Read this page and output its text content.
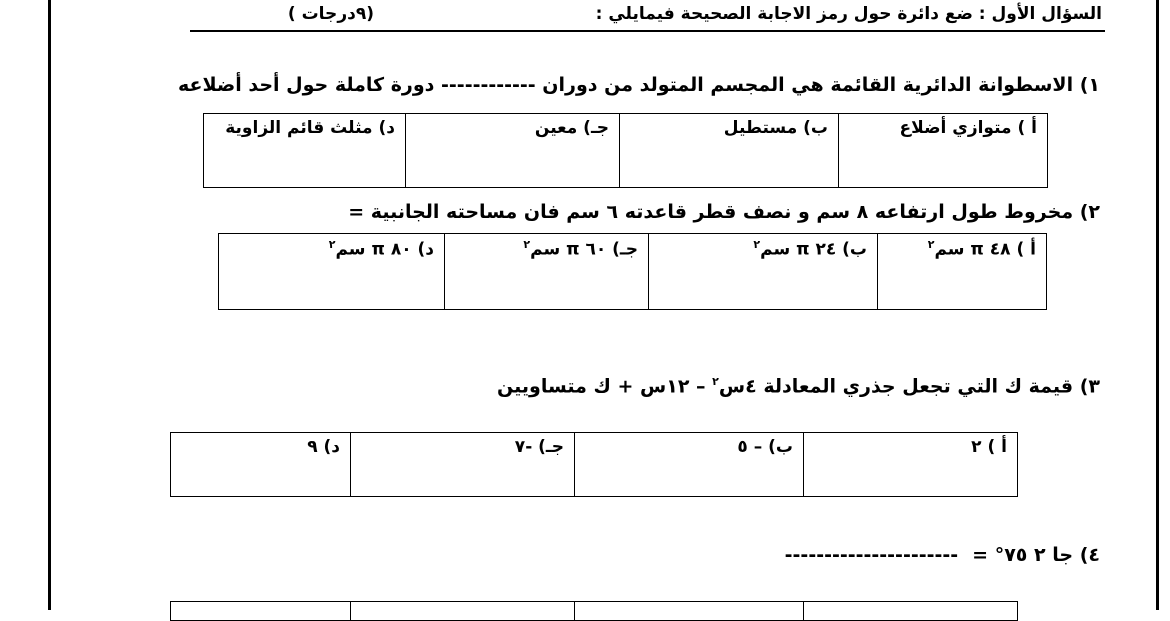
السؤال الأول : ضع دائرة حول رمز الاجابة الصحيحة فيمايلي :
(٩درجات )
١) الاسطوانة الدائرية القائمة هي المجسم المتولد من دوران ------------ دورة كاملة حول أحد أضلاعه
ﺃ ) متوازي أضلاع	ب) مستطيل	جـ) معين	د) مثلث قائم الزاوية
٢) مخروط طول ارتفاعه ٨ سم و نصف قطر قاعدته ٦ سم فان مساحته الجانبية =
ﺃ ) ٤٨ π سم$^٢$	ب) ٢٤ π سم$^٢$	جـ) ٦٠ π سم$^٢$	د) ٨٠ π سم$^٢$
٣) قيمة ك التي تجعل جذري المعادلة ٤س$^٢$ – ١٢س + ك متساويين
ﺃ ) ٢	ب) – ٥	جـ) -٧	د) ٩
٤) جا ٢ ٧٥° =----------------------
